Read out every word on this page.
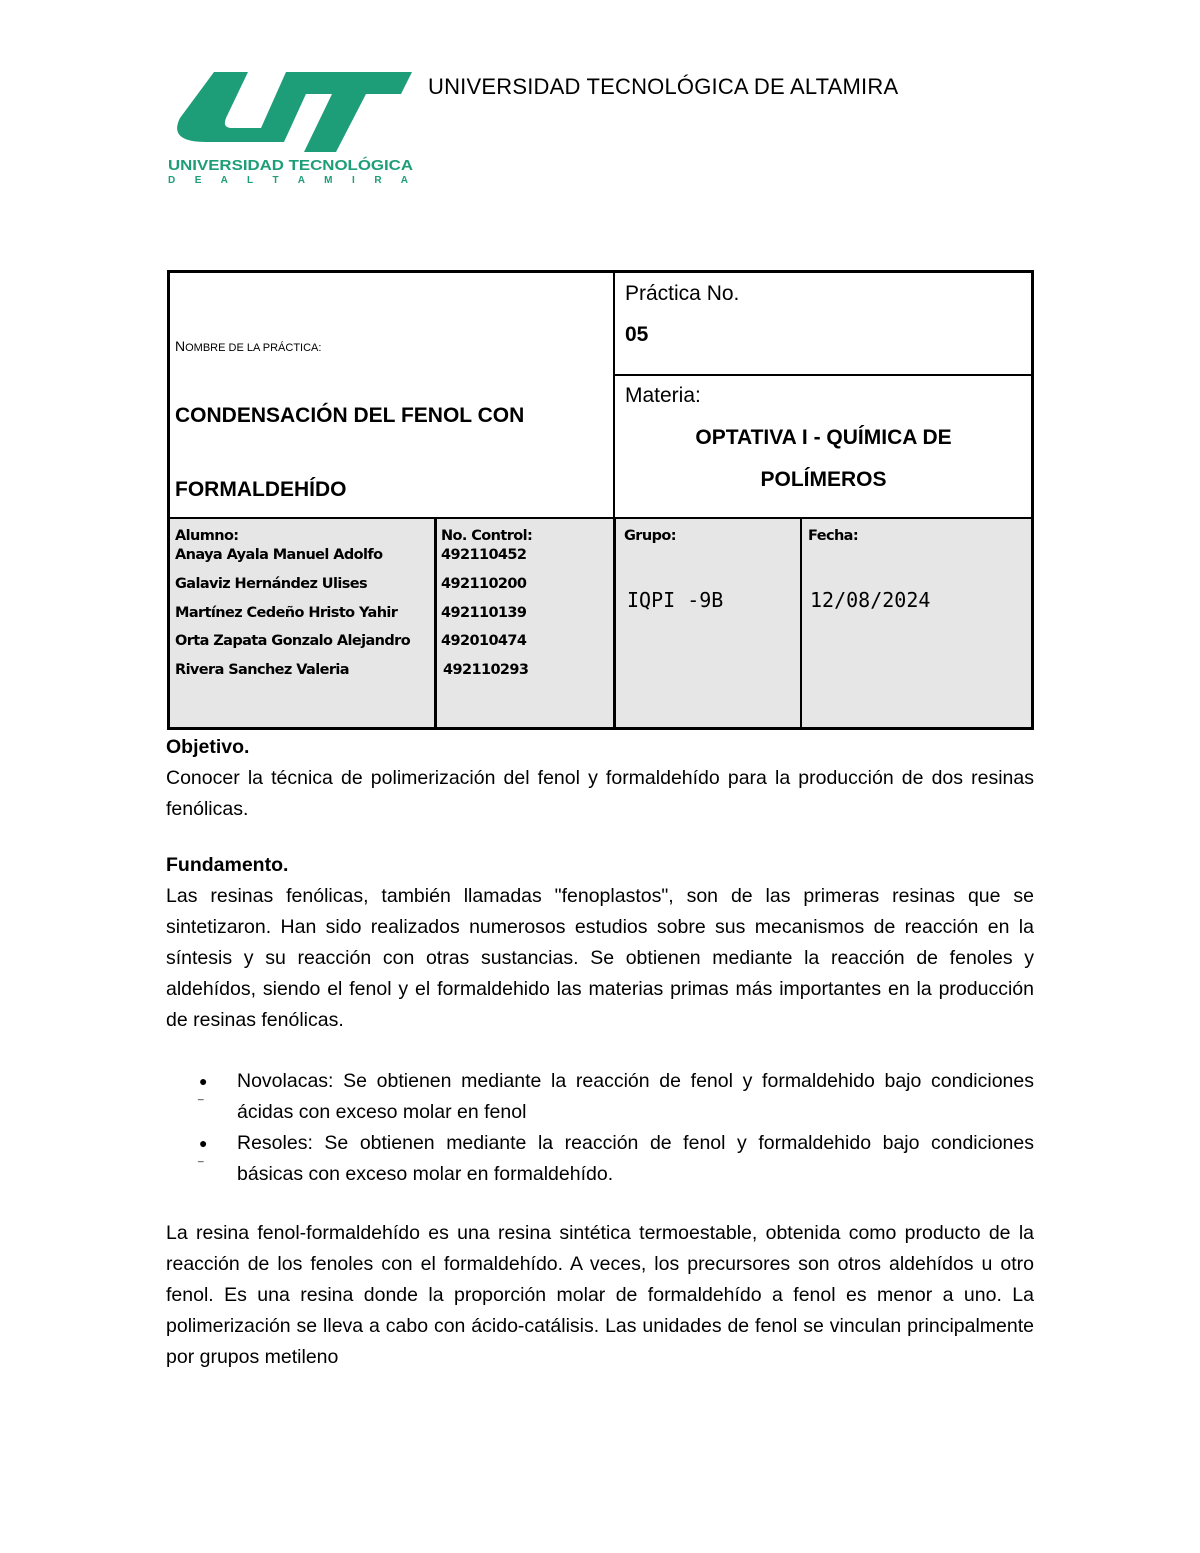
UNIVERSIDAD TECNOLÓGICA
D E A L T A M I R A
UNIVERSIDAD TECNOLÓGICA DE ALTAMIRA
NOMBRE DE LA PRÁCTICA:
CONDENSACIÓN DEL FENOL CON
FORMALDEHÍDO
Práctica No.
05
Materia:
OPTATIVA I - QUÍMICA DE
POLÍMEROS
Alumno:
Anaya Ayala Manuel Adolfo
Galaviz Hernández Ulises
Martínez Cedeño Hristo Yahir
Orta Zapata Gonzalo Alejandro
Rivera Sanchez Valeria
No. Control:
492110452
492110200
492110139
492010474
492110293
Grupo:
IQPI -9B
Fecha:
12/08/2024

Objetivo.

Conocer la técnica de polimerización del fenol y formaldehído para la producción de dos resinas fenólicas.

Fundamento.

Las resinas fenólicas, también llamadas "fenoplastos", son de las primeras resinas que se sintetizaron. Han sido realizados numerosos estudios sobre sus mecanismos de reacción en la síntesis y su reacción con otras sustancias. Se obtienen mediante la reacción de fenoles y aldehídos, siendo el fenol y el formaldehido las materias primas más importantes en la producción de resinas fenólicas.

●
_
Novolacas: Se obtienen mediante la reacción de fenol y formaldehido bajo condiciones ácidas con exceso molar en fenol
●
_
Resoles: Se obtienen mediante la reacción de fenol y formaldehido bajo condiciones básicas con exceso molar en formaldehído.

La resina fenol-formaldehído es una resina sintética termoestable, obtenida como producto de la reacción de los fenoles con el formaldehído. A veces, los precursores son otros aldehídos u otro fenol. Es una resina donde la proporción molar de formaldehído a fenol es menor a uno. La polimerización se lleva a cabo con ácido-catálisis. Las unidades de fenol se vinculan principalmente por grupos metileno
